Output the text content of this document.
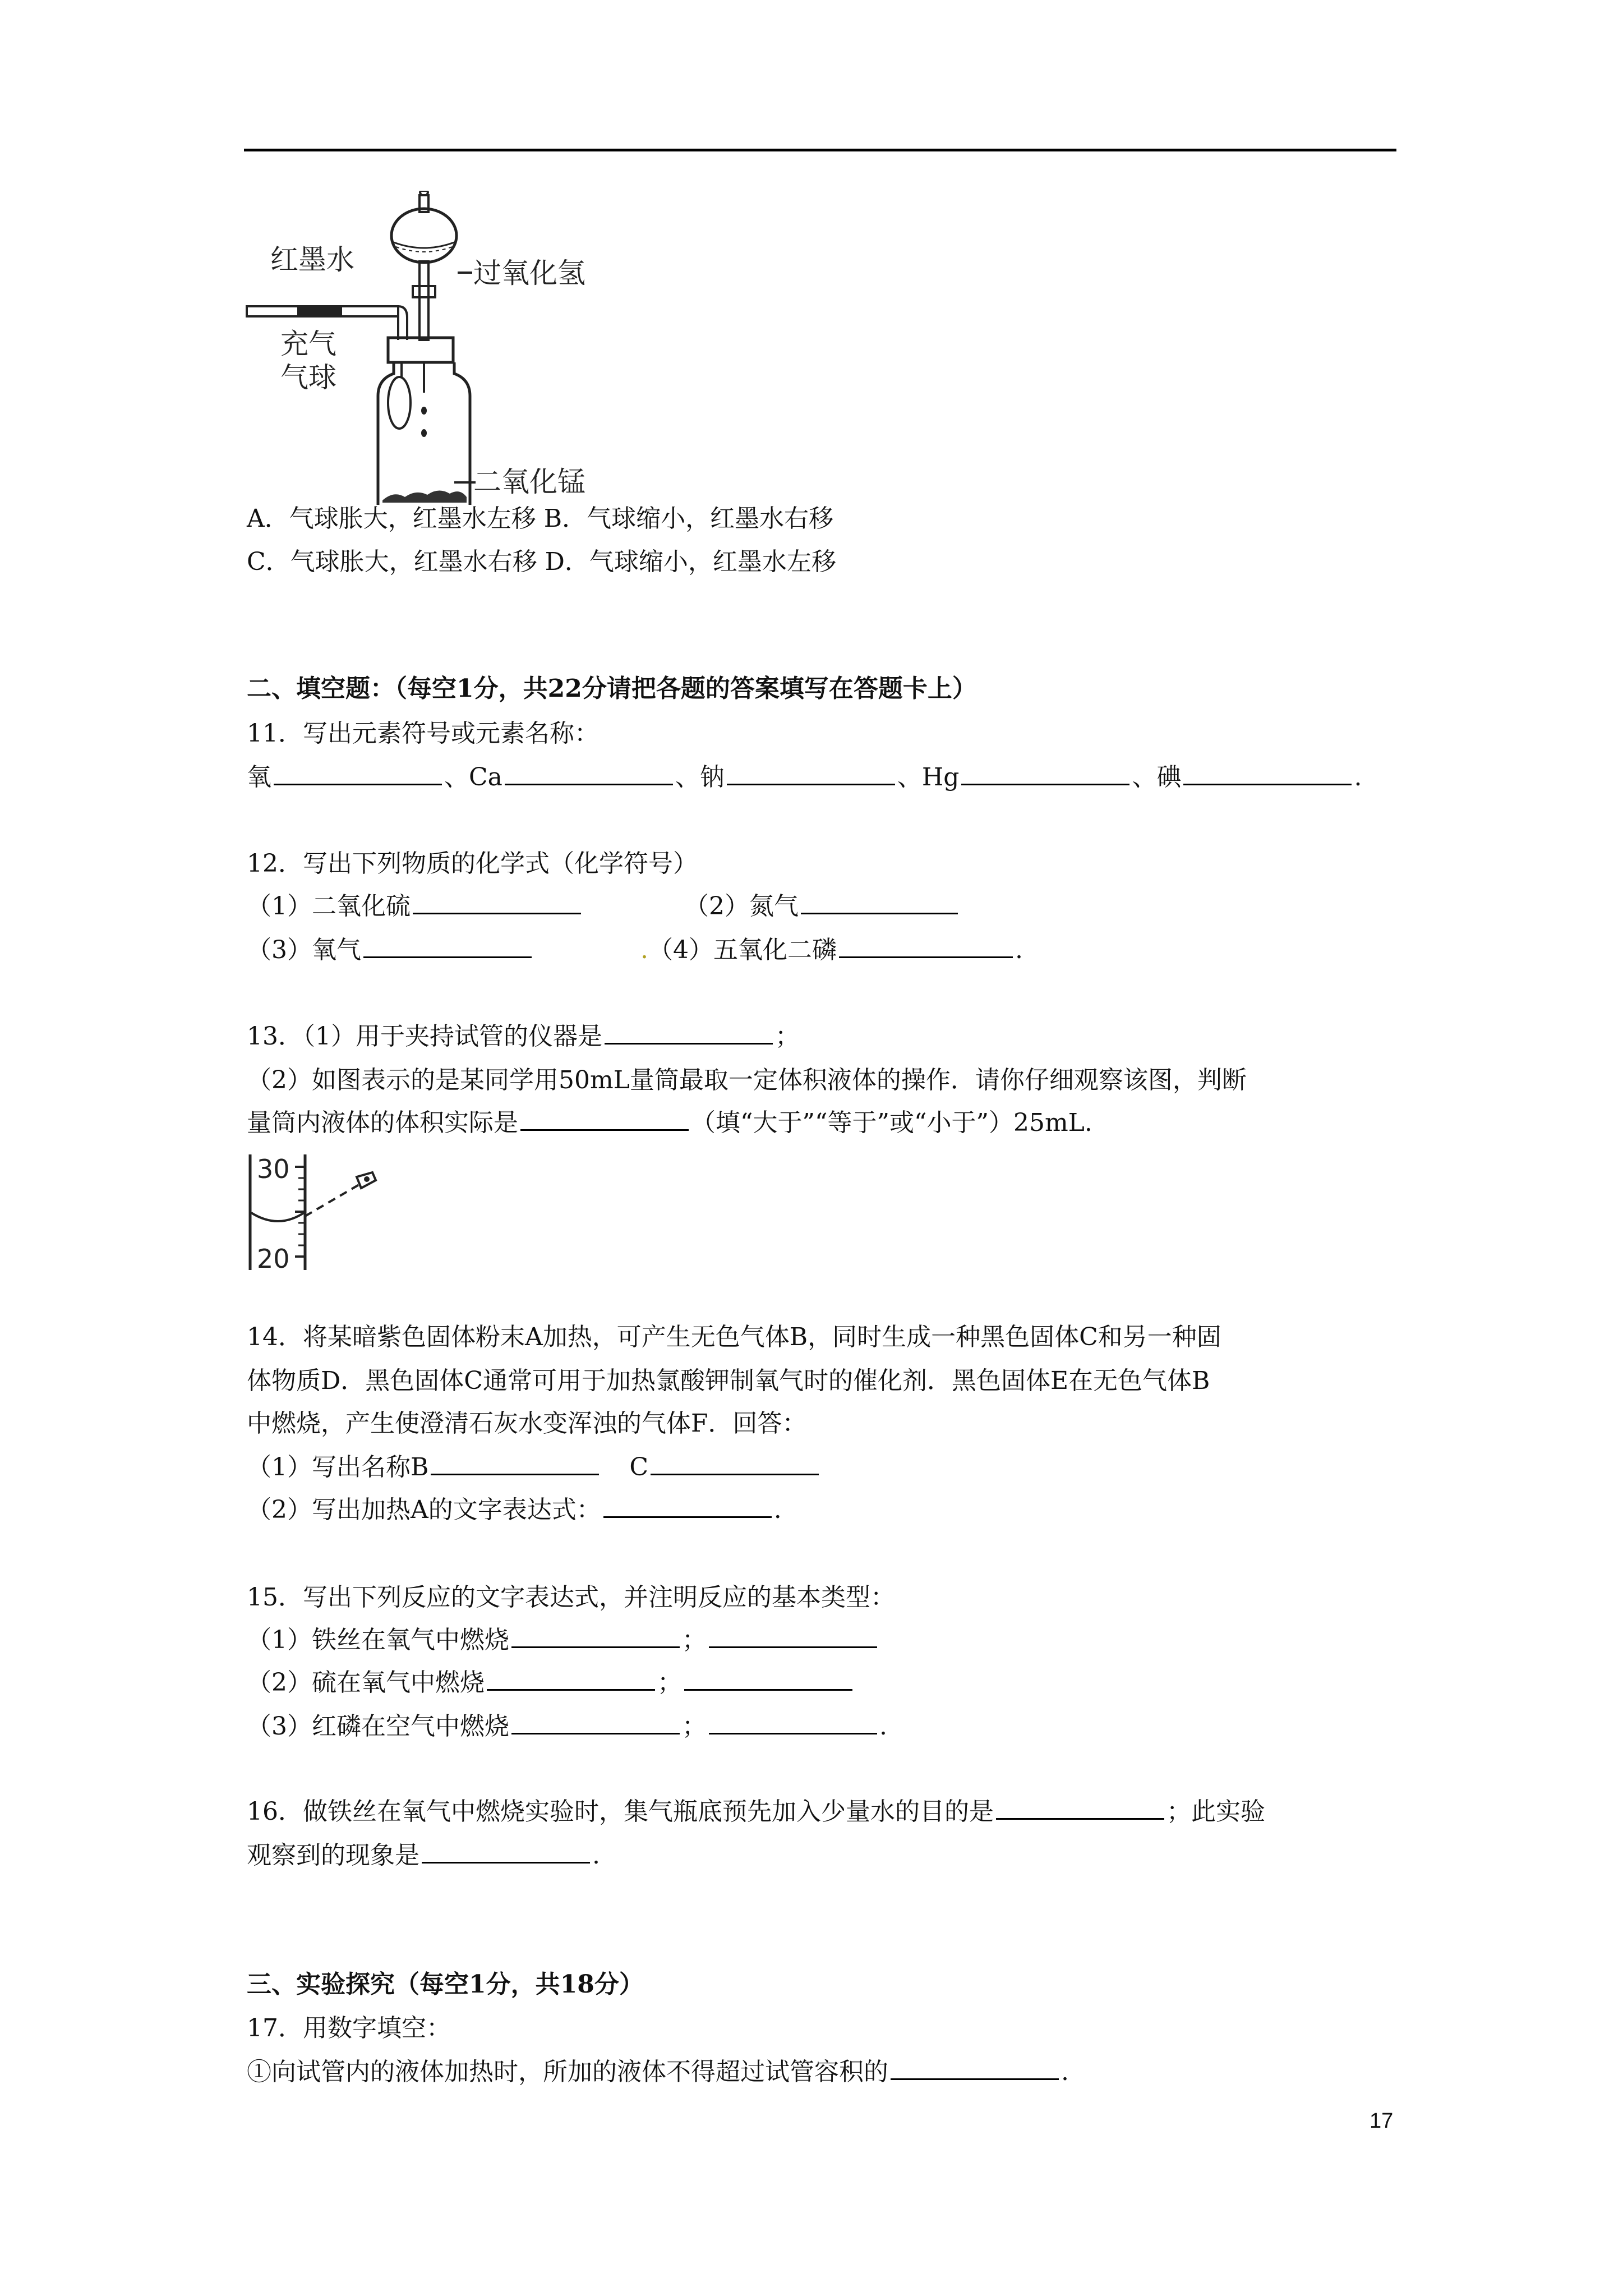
红墨水	过氧化氢
充气
气球
二氧化锰
A．气球胀大，红墨水左移 B．气球缩小，红墨水右移
C．气球胀大，红墨水右移 D．气球缩小，红墨水左移
二、填空题：（每空1分，共22分请把各题的答案填写在答题卡上）
11．写出元素符号或元素名称：
氧	、Ca	、钠	、Hg	、碘	.
12．写出下列物质的化学式（化学符号）
（1）二氧化硫	（2）氮气
（3）氧气	.（4）五氧化二磷	.
13．（1）用于夹持试管的仪器是	；
（2）如图表示的是某同学用50mL量筒最取一定体积液体的操作．请你仔细观察该图，判断
量筒内液体的体积实际是	（填“大于”“等于”或“小于”）25mL.
30
20
14．将某暗紫色固体粉末A加热，可产生无色气体B，同时生成一种黑色固体C和另一种固
体物质D．黑色固体C通常可用于加热氯酸钾制氧气时的催化剂．黑色固体E在无色气体B
中燃烧，产生使澄清石灰水变浑浊的气体F．回答：
（1）写出名称B	C
（2）写出加热A的文字表达式：	.
15．写出下列反应的文字表达式，并注明反应的基本类型：
（1）铁丝在氧气中燃烧	；
（2）硫在氧气中燃烧	；
（3）红磷在空气中燃烧	；	.
16．做铁丝在氧气中燃烧实验时，集气瓶底预先加入少量水的目的是	；此实验
观察到的现象是	.
三、实验探究（每空1分，共18分）
17．用数字填空：
①向试管内的液体加热时，所加的液体不得超过试管容积的	.
17
